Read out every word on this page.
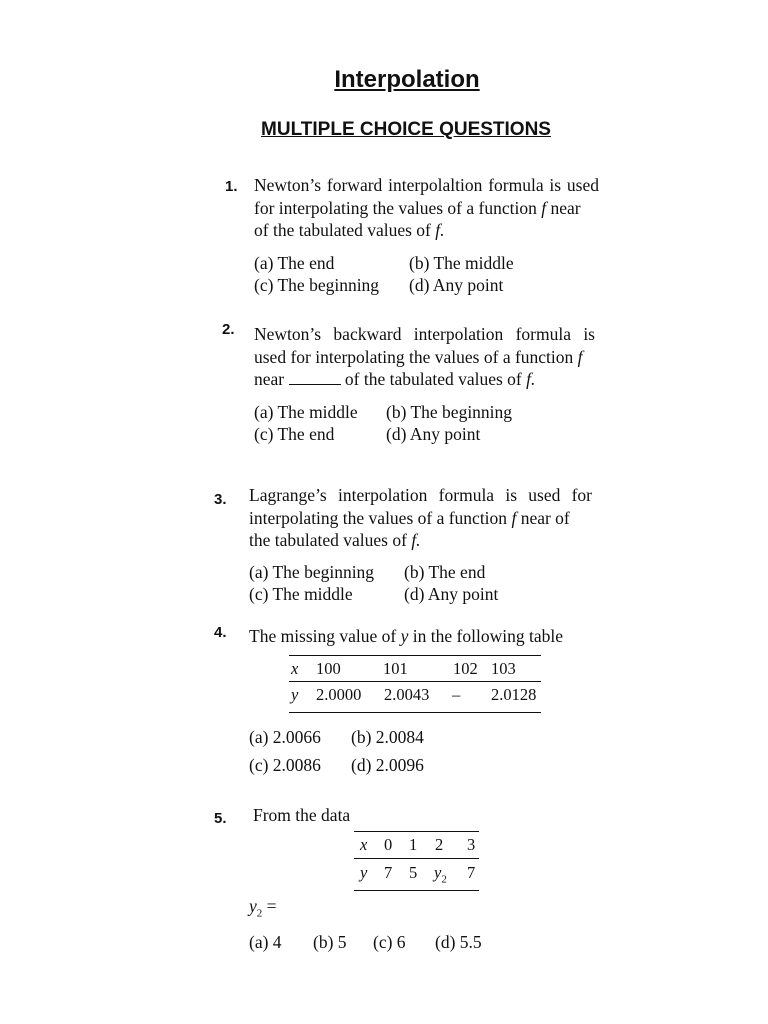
Interpolation
MULTIPLE CHOICE QUESTIONS
1. Newton’s forward interpolaltion formula is used
for interpolating the values of a function f near
of the tabulated values of f.
(a) The end	(b) The middle
(c) The beginning (d) Any point
2. Newton’s backward interpolation formula is
used for interpolating the values of a function f
near	of the tabulated values of f.
(a) The middle (b) The beginning
(c) The end	(d) Any point
3. Lagrange’s interpolation formula is used for
interpolating the values of a function f near of
the tabulated values of f.
(a) The beginning (b) The end
(c) The middle	(d) Any point
4. The missing value of y in the following table
x 100	101	102 103
y 2.0000 2.0043 – 2.0128
(a) 2.0066 (b) 2.0084
(c) 2.0086 (d) 2.0096
5. From the data
x 0 1 2 3
y 7 5 $y_2$ 7
$y_2$ =
(a) 4 (b) 5 (c) 6 (d) 5.5
